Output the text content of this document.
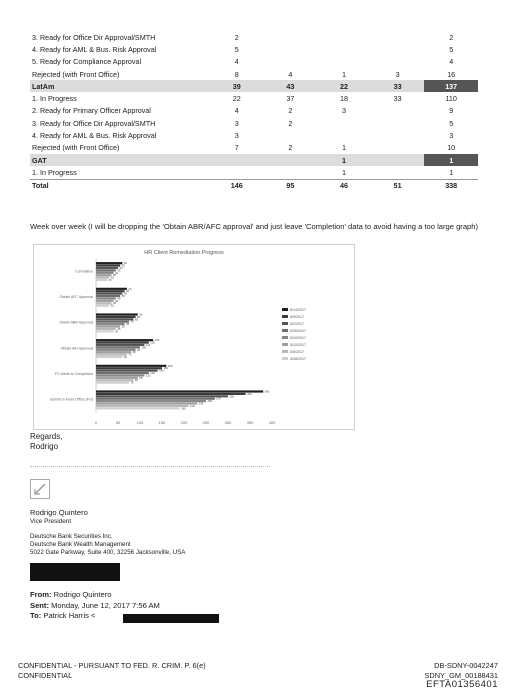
3. Ready for Office Dir Approval/SMTH	2				2
4. Ready for AML & Bus. Risk Approval	5				5
5. Ready for Compliance Approval	4				4
Rejected (with Front Office)	8	4	1	3	16
LatAm	39	43	22	33	137
1. In Progress	22	37	18	33	110
2. Ready for Primary Officer Approval	4	2	3		9
3. Ready for Office Dir Approval/SMTH	3	2			5
4. Ready for AML & Bus. Risk Approval	3				3
Rejected (with Front Office)	7	2	1		10
GAT			1		1
1. In Progress			1		1
Total	146	95	46	51	338
Week over week (I will be dropping the 'Obtain ABR/AFC approval' and just leave 'Completion' data to avoid having a too large graph)
HR Client Remediation Progress
0	50	100	150	200	250	300	350	400
Cumulative
60
55
50
45
40
35
30
25
Obtain AFC Approval
70
65
60
55
45
40
35
30
Obtain ABR Approval
95
90
85
75
65
55
45
40
Obtain AID Approval
130
120
110
100
90
80
70
60
FO Alerts to Completion
160
150
140
120
110
95
85
75
Submit to Front Office (FO)
380
340
300
270
250
230
210
190
6/14/2017
6/9/2017
6/2/2017
5/26/2017
5/19/2017
5/12/2017
5/5/2017
4/28/2017
Regards,
Rodrigo
Rodrigo Quintero
Vice President
Deutsche Bank Securities Inc.
Deutsche Bank Wealth Management
5022 Gate Parkway, Suite 400, 32256 Jacksonville, USA
From: Rodrigo Quintero
Sent: Monday, June 12, 2017 7:56 AM
To: Patrick Harris <
CONFIDENTIAL - PURSUANT TO FED. R. CRIM. P. 6(e)
CONFIDENTIAL
DB-SDNY-0042247
SDNY_GM_00188431
EFTA01356401
